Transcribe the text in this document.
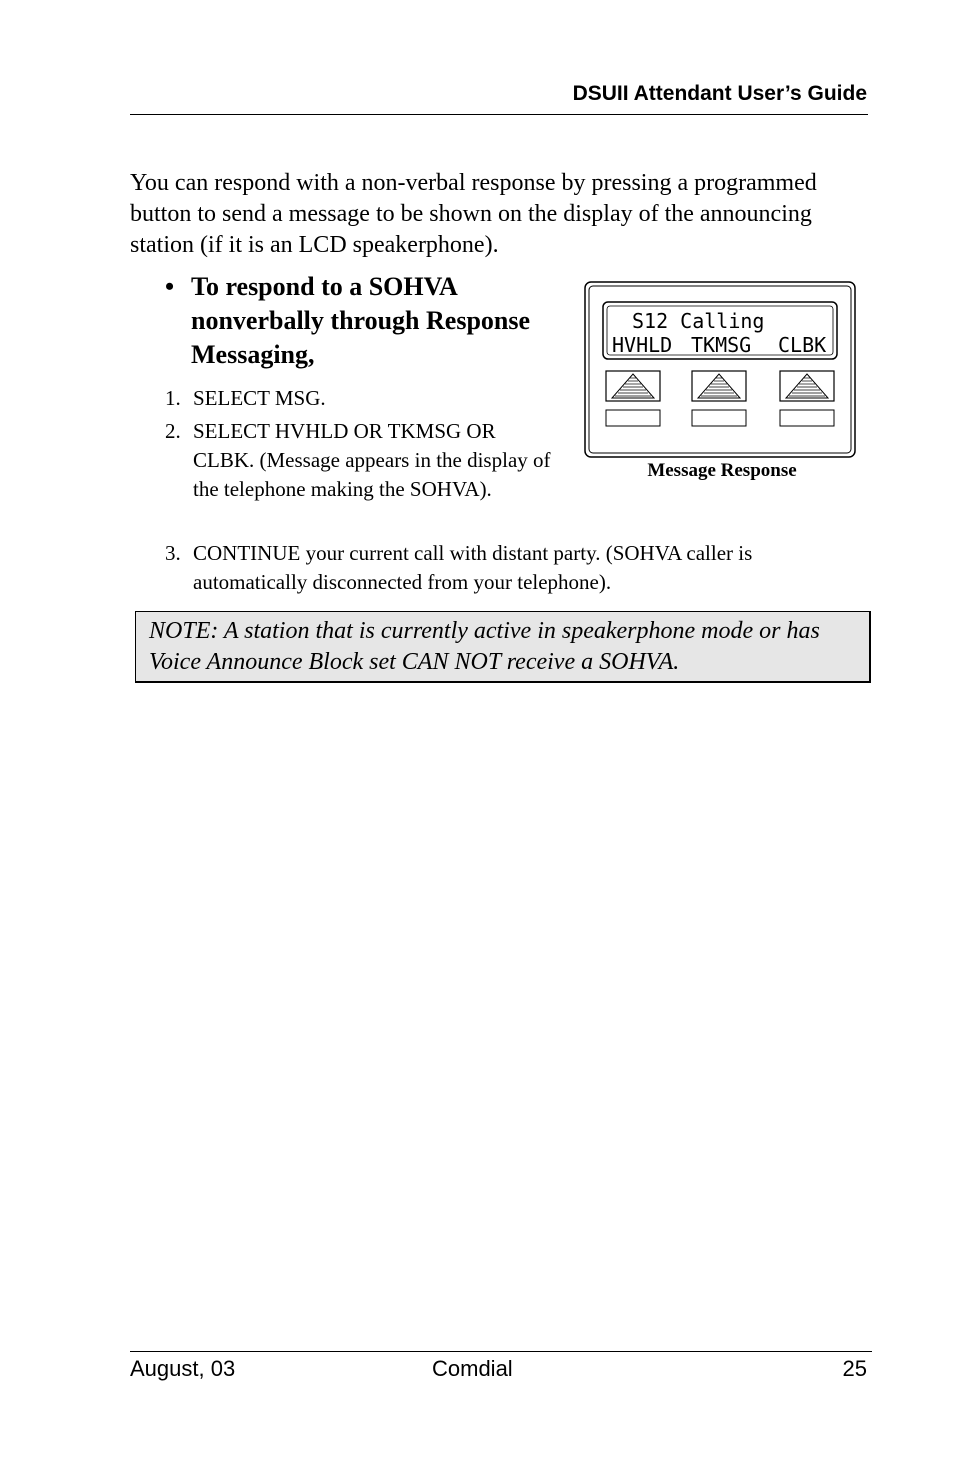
DSUII Attendant User’s Guide

You can respond with a non-verbal response by pressing a programmed button to send a message to be shown on the display of the announcing station (if it is an LCD speakerphone).

• To respond to a SOHVA nonverbally through Response Messaging,
1. SELECT MSG.
2. SELECT HVHLD OR TKMSG OR CLBK. (Message appears in the display of the telephone making the SOHVA).
3. CONTINUE your current call with distant party. (SOHVA caller is automatically disconnected from your telephone).
S12 Calling
HVHLD TKMSG CLBK
Message Response
NOTE: A station that is currently active in speakerphone mode or has Voice Announce Block set CAN NOT receive a SOHVA.
August, 03	Comdial	25
